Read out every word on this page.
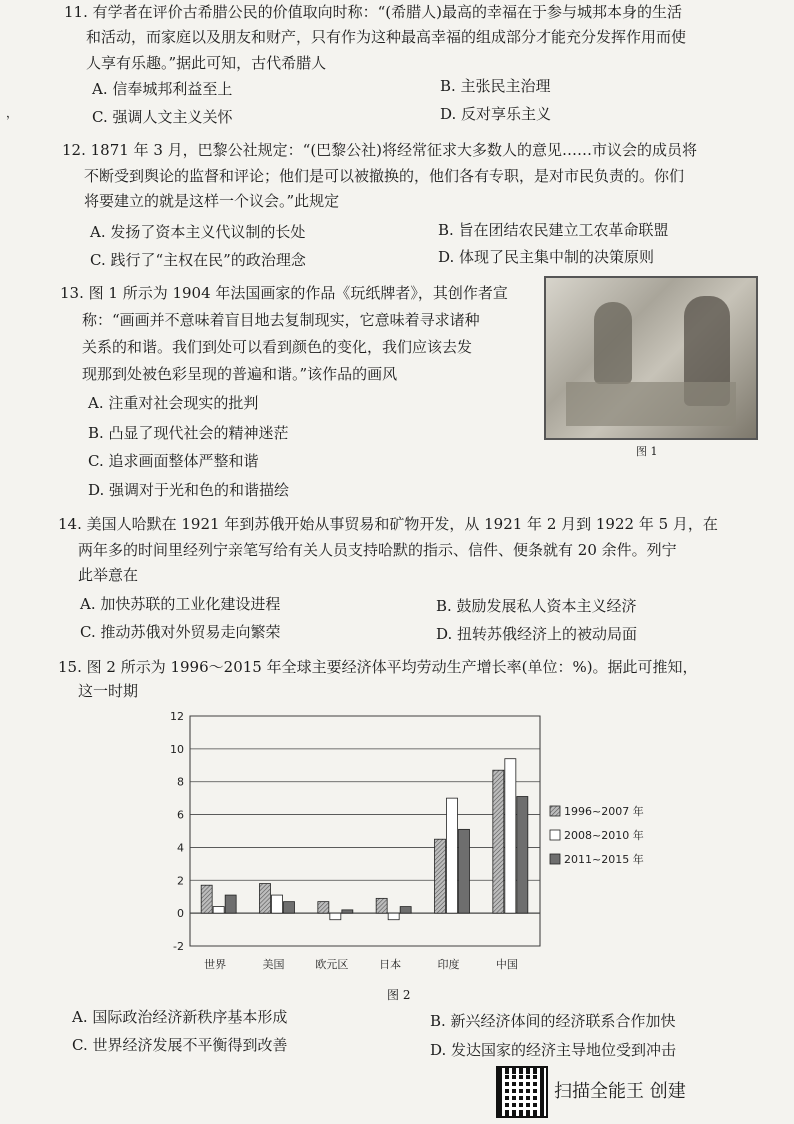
，
11. 有学者在评价古希腊公民的价值取向时称：“(希腊人)最高的幸福在于参与城邦本身的生活
和活动，而家庭以及朋友和财产，只有作为这种最高幸福的组成部分才能充分发挥作用而使
人享有乐趣。”据此可知，古代希腊人
A. 信奉城邦利益至上	B. 主张民主治理
C. 强调人文主义关怀	D. 反对享乐主义
12. 1871 年 3 月，巴黎公社规定：“(巴黎公社)将经常征求大多数人的意见……市议会的成员将
不断受到舆论的监督和评论；他们是可以被撤换的，他们各有专职，是对市民负责的。你们
将要建立的就是这样一个议会。”此规定
A. 发扬了资本主义代议制的长处	B. 旨在团结农民建立工农革命联盟
C. 践行了“主权在民”的政治理念	D. 体现了民主集中制的决策原则
13. 图 1 所示为 1904 年法国画家的作品《玩纸牌者》，其创作者宣
称：“画画并不意味着盲目地去复制现实，它意味着寻求诸种
关系的和谐。我们到处可以看到颜色的变化，我们应该去发
现那到处被色彩呈现的普遍和谐。”该作品的画风
A. 注重对社会现实的批判
B. 凸显了现代社会的精神迷茫
C. 追求画面整体严整和谐
D. 强调对于光和色的和谐描绘
图 1
14. 美国人哈默在 1921 年到苏俄开始从事贸易和矿物开发，从 1921 年 2 月到 1922 年 5 月，在
两年多的时间里经列宁亲笔写给有关人员支持哈默的指示、信件、便条就有 20 余件。列宁
此举意在
A. 加快苏联的工业化建设进程	B. 鼓励发展私人资本主义经济
C. 推动苏俄对外贸易走向繁荣	D. 扭转苏俄经济上的被动局面
15. 图 2 所示为 1996～2015 年全球主要经济体平均劳动生产增长率(单位：%)。据此可推知，
这一时期
-2
0
2
4
6
8
10
12
世界	美国	欧元区	日本	印度	中国
1996~2007 年
2008~2010 年
2011~2015 年
图 2
A. 国际政治经济新秩序基本形成	B. 新兴经济体间的经济联系合作加快
C. 世界经济发展不平衡得到改善	D. 发达国家的经济主导地位受到冲击
扫描全能王 创建
